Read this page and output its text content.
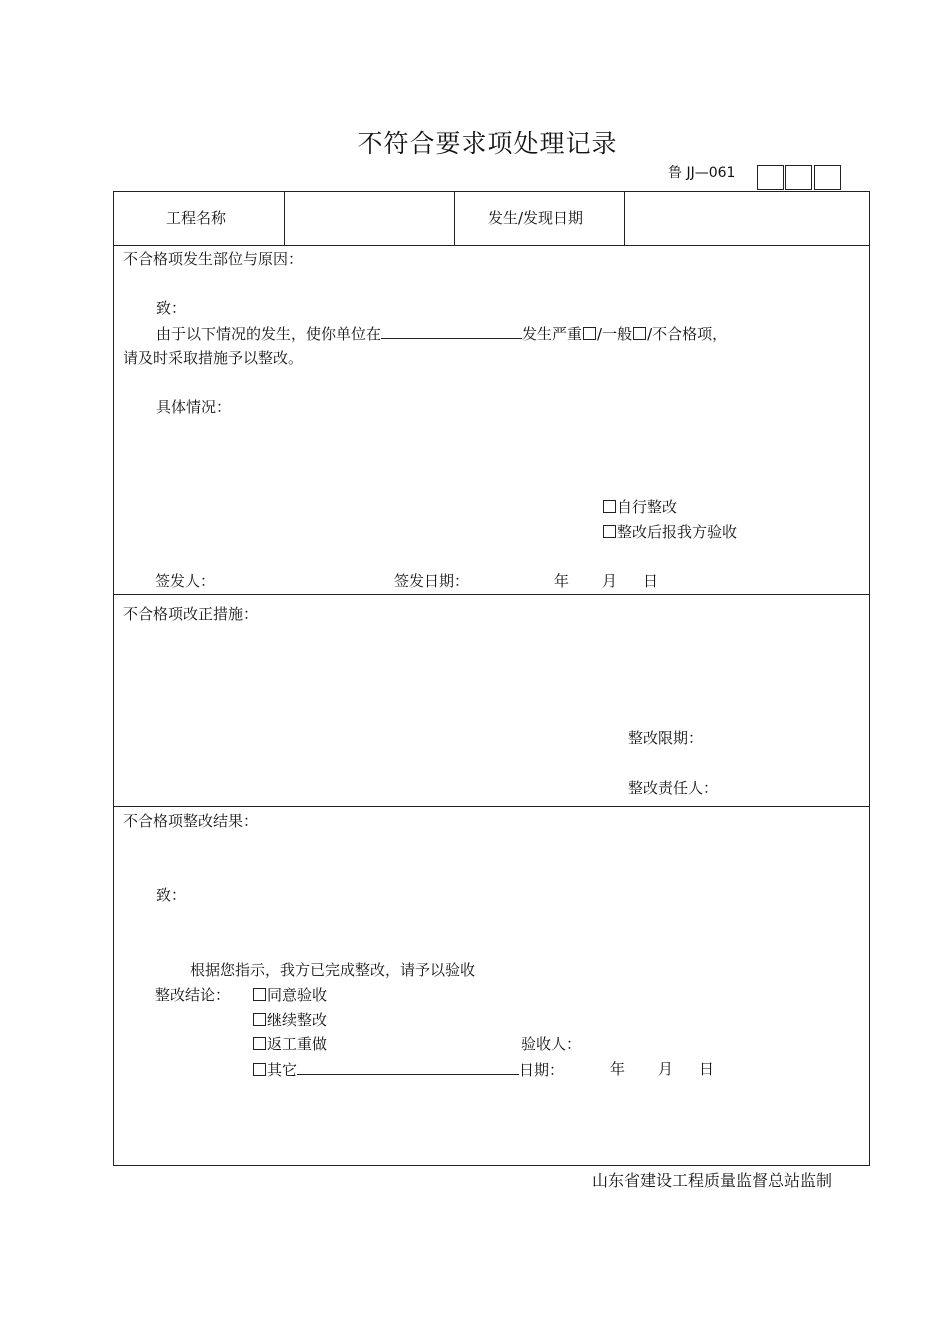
不符合要求项处理记录
鲁 JJ—061
工程名称	发生/发现日期
不合格项发生部位与原因：
致：
由于以下情况的发生，使你单位在	发生严重 /一般 /不合格项，
请及时采取措施予以整改。
具体情况：
自行整改
整改后报我方验收
签发人：	签发日期：	年 月 日
不合格项改正措施：
整改限期：
整改责任人：
不合格项整改结果：
致：
根据您指示，我方已完成整改，请予以验收
整改结论：	同意验收
继续整改
返工重做	验收人：
其它	日期：	年 月 日
山东省建设工程质量监督总站监制
